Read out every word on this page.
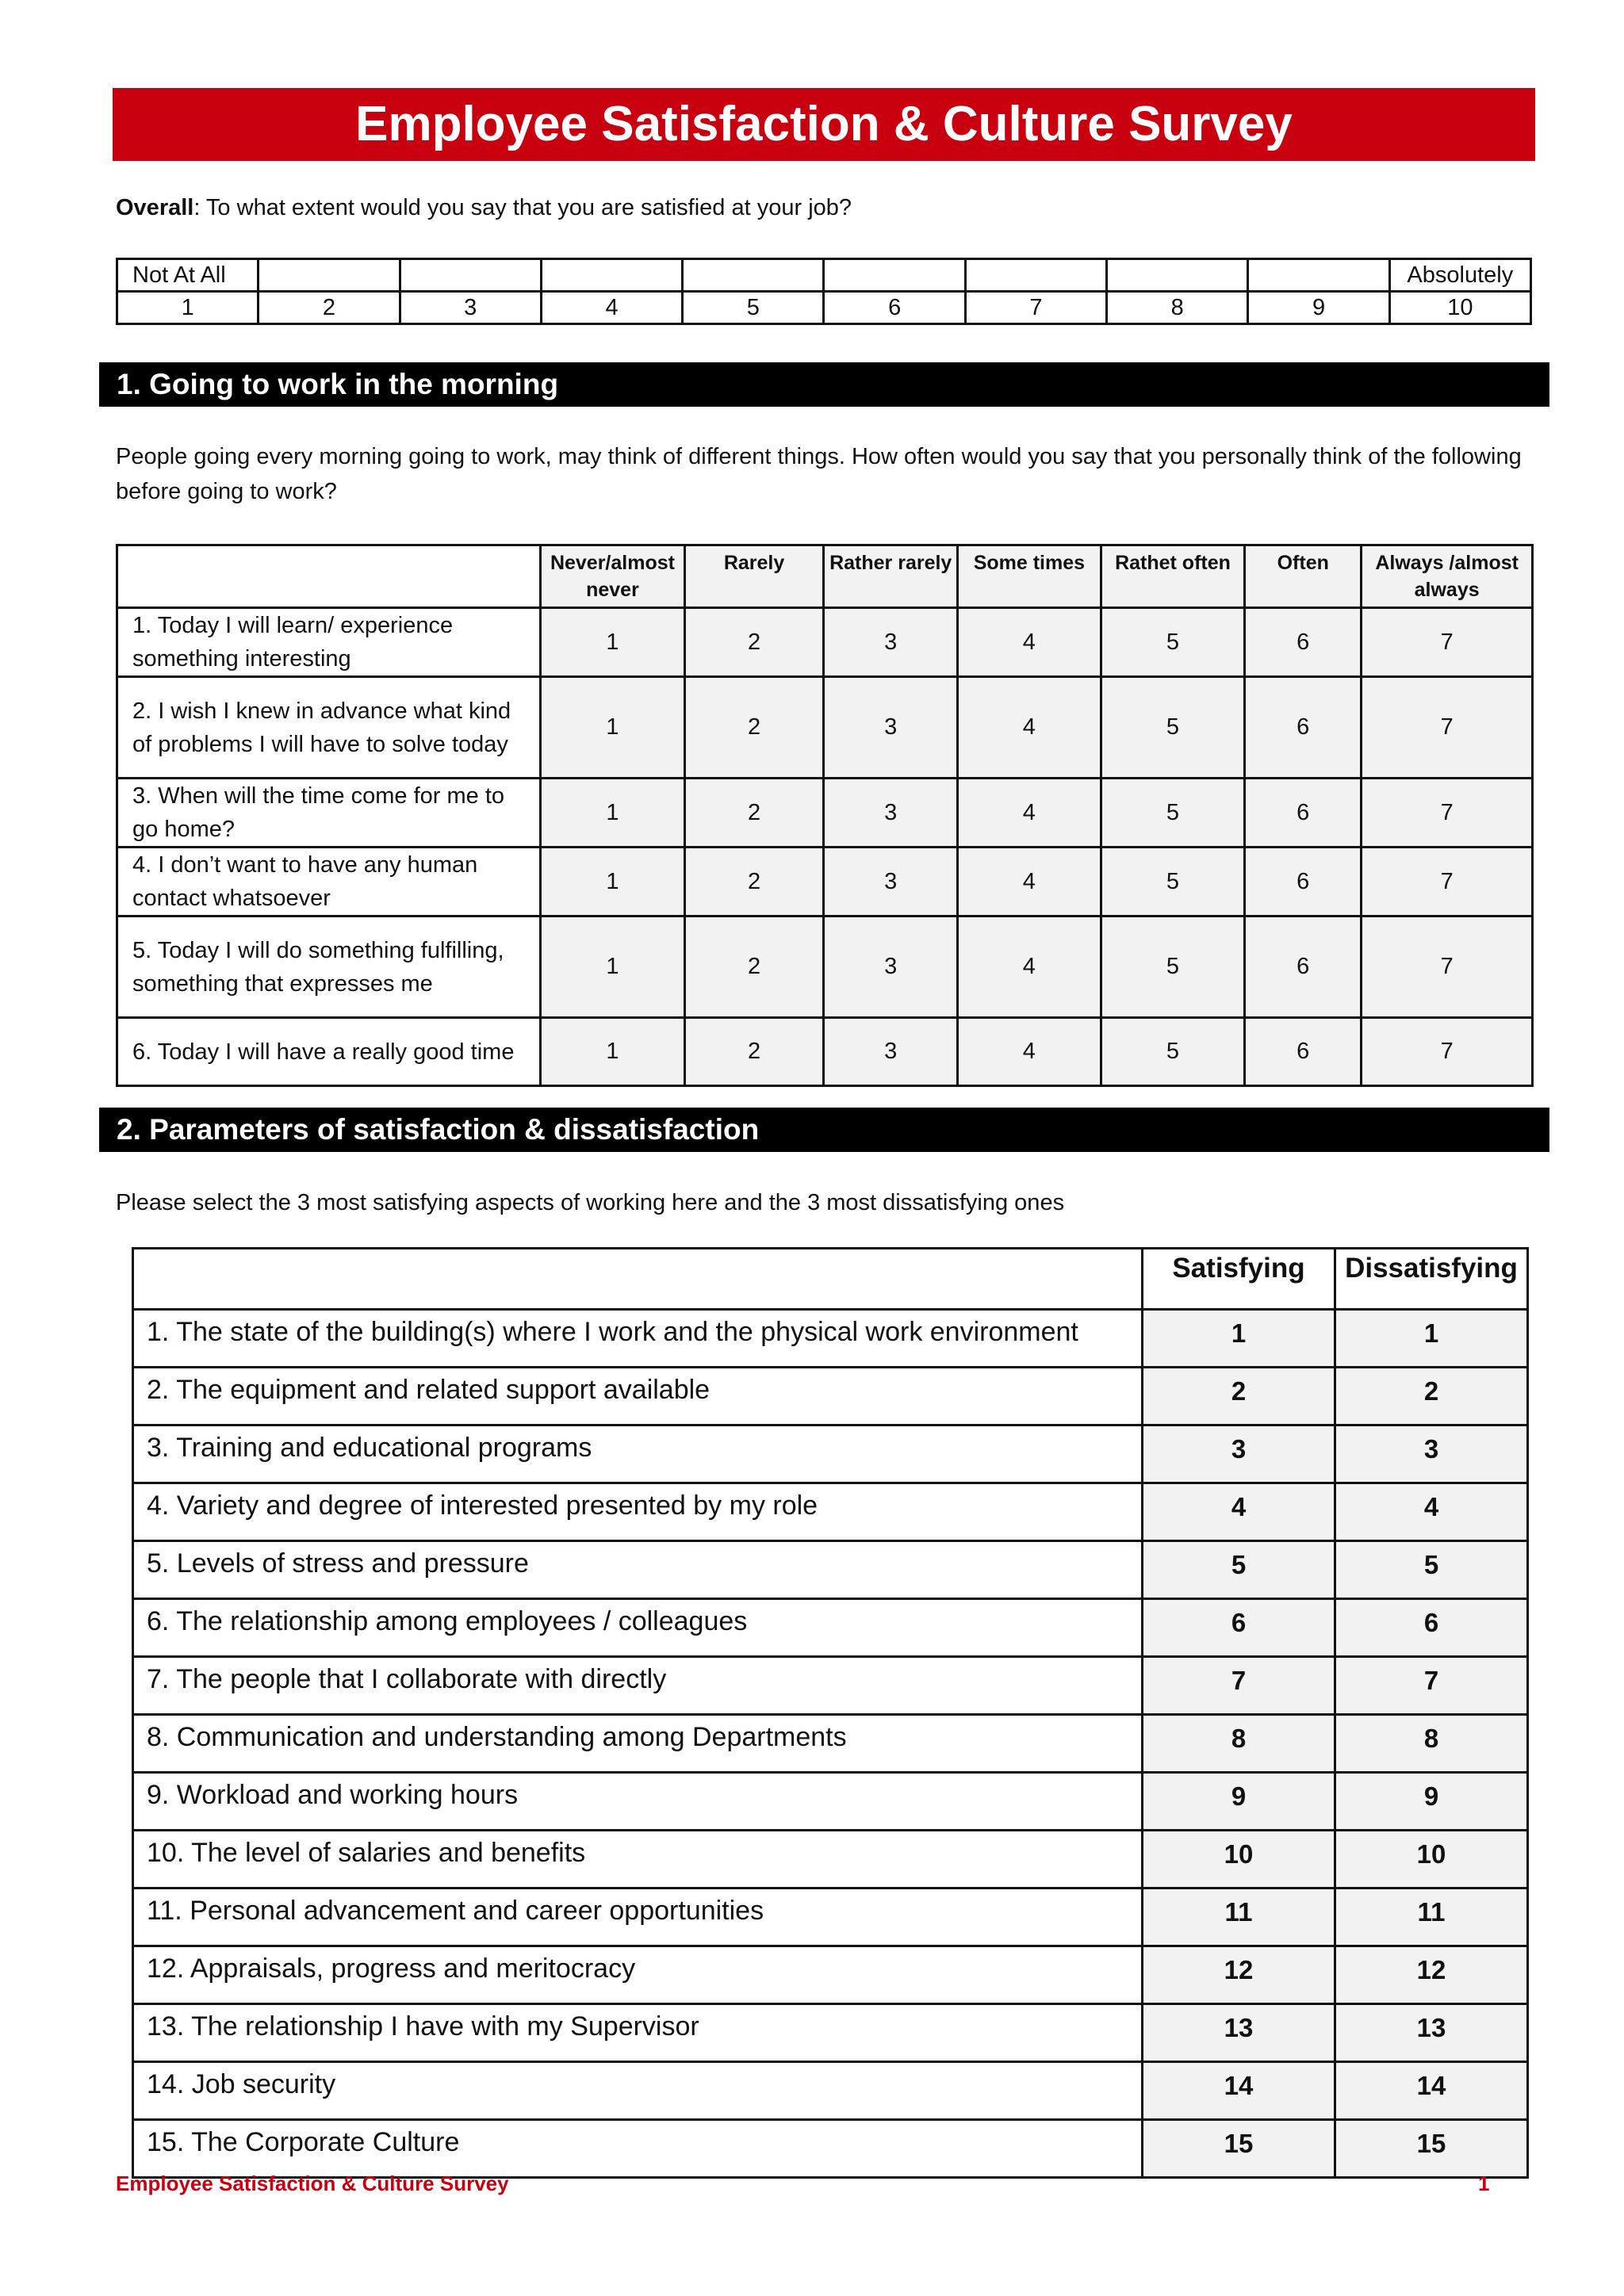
Employee Satisfaction & Culture Survey
Overall: To what extent would you say that you are satisfied at your job?
Not At All									Absolutely
1	2	3	4	5	6	7	8	9	10
1. Going to work in the morning
People going every morning going to work, may think of different things. How often would you say that you personally think of the following before going to work?
	Never/almost never	Rarely	Rather rarely	Some times	Rathet often	Often	Always /almost always
1. Today I will learn/ experience something interesting	1	2	3	4	5	6	7
2. I wish I knew in advance what kind of problems I will have to solve today	1	2	3	4	5	6	7
3. When will the time come for me to go home?	1	2	3	4	5	6	7
4. I don’t want to have any human contact whatsoever	1	2	3	4	5	6	7
5. Today I will do something fulfilling, something that expresses me	1	2	3	4	5	6	7
6. Today I will have a really good time	1	2	3	4	5	6	7
2. Parameters of satisfaction & dissatisfaction
Please select the 3 most satisfying aspects of working here and the 3 most dissatisfying ones
	Satisfying	Dissatisfying
1. The state of the building(s) where I work and the physical work environment	1	1
2. The equipment and related support available	2	2
3. Training and educational programs	3	3
4. Variety and degree of interested presented by my role	4	4
5. Levels of stress and pressure	5	5
6. The relationship among employees / colleagues	6	6
7. The people that I collaborate with directly	7	7
8. Communication and understanding among Departments	8	8
9. Workload and working hours	9	9
10. The level of salaries and benefits	10	10
11. Personal advancement and career opportunities	11	11
12. Appraisals, progress and meritocracy	12	12
13. The relationship I have with my Supervisor	13	13
14. Job security	14	14
15. The Corporate Culture	15	15
Employee Satisfaction & Culture Survey	1
